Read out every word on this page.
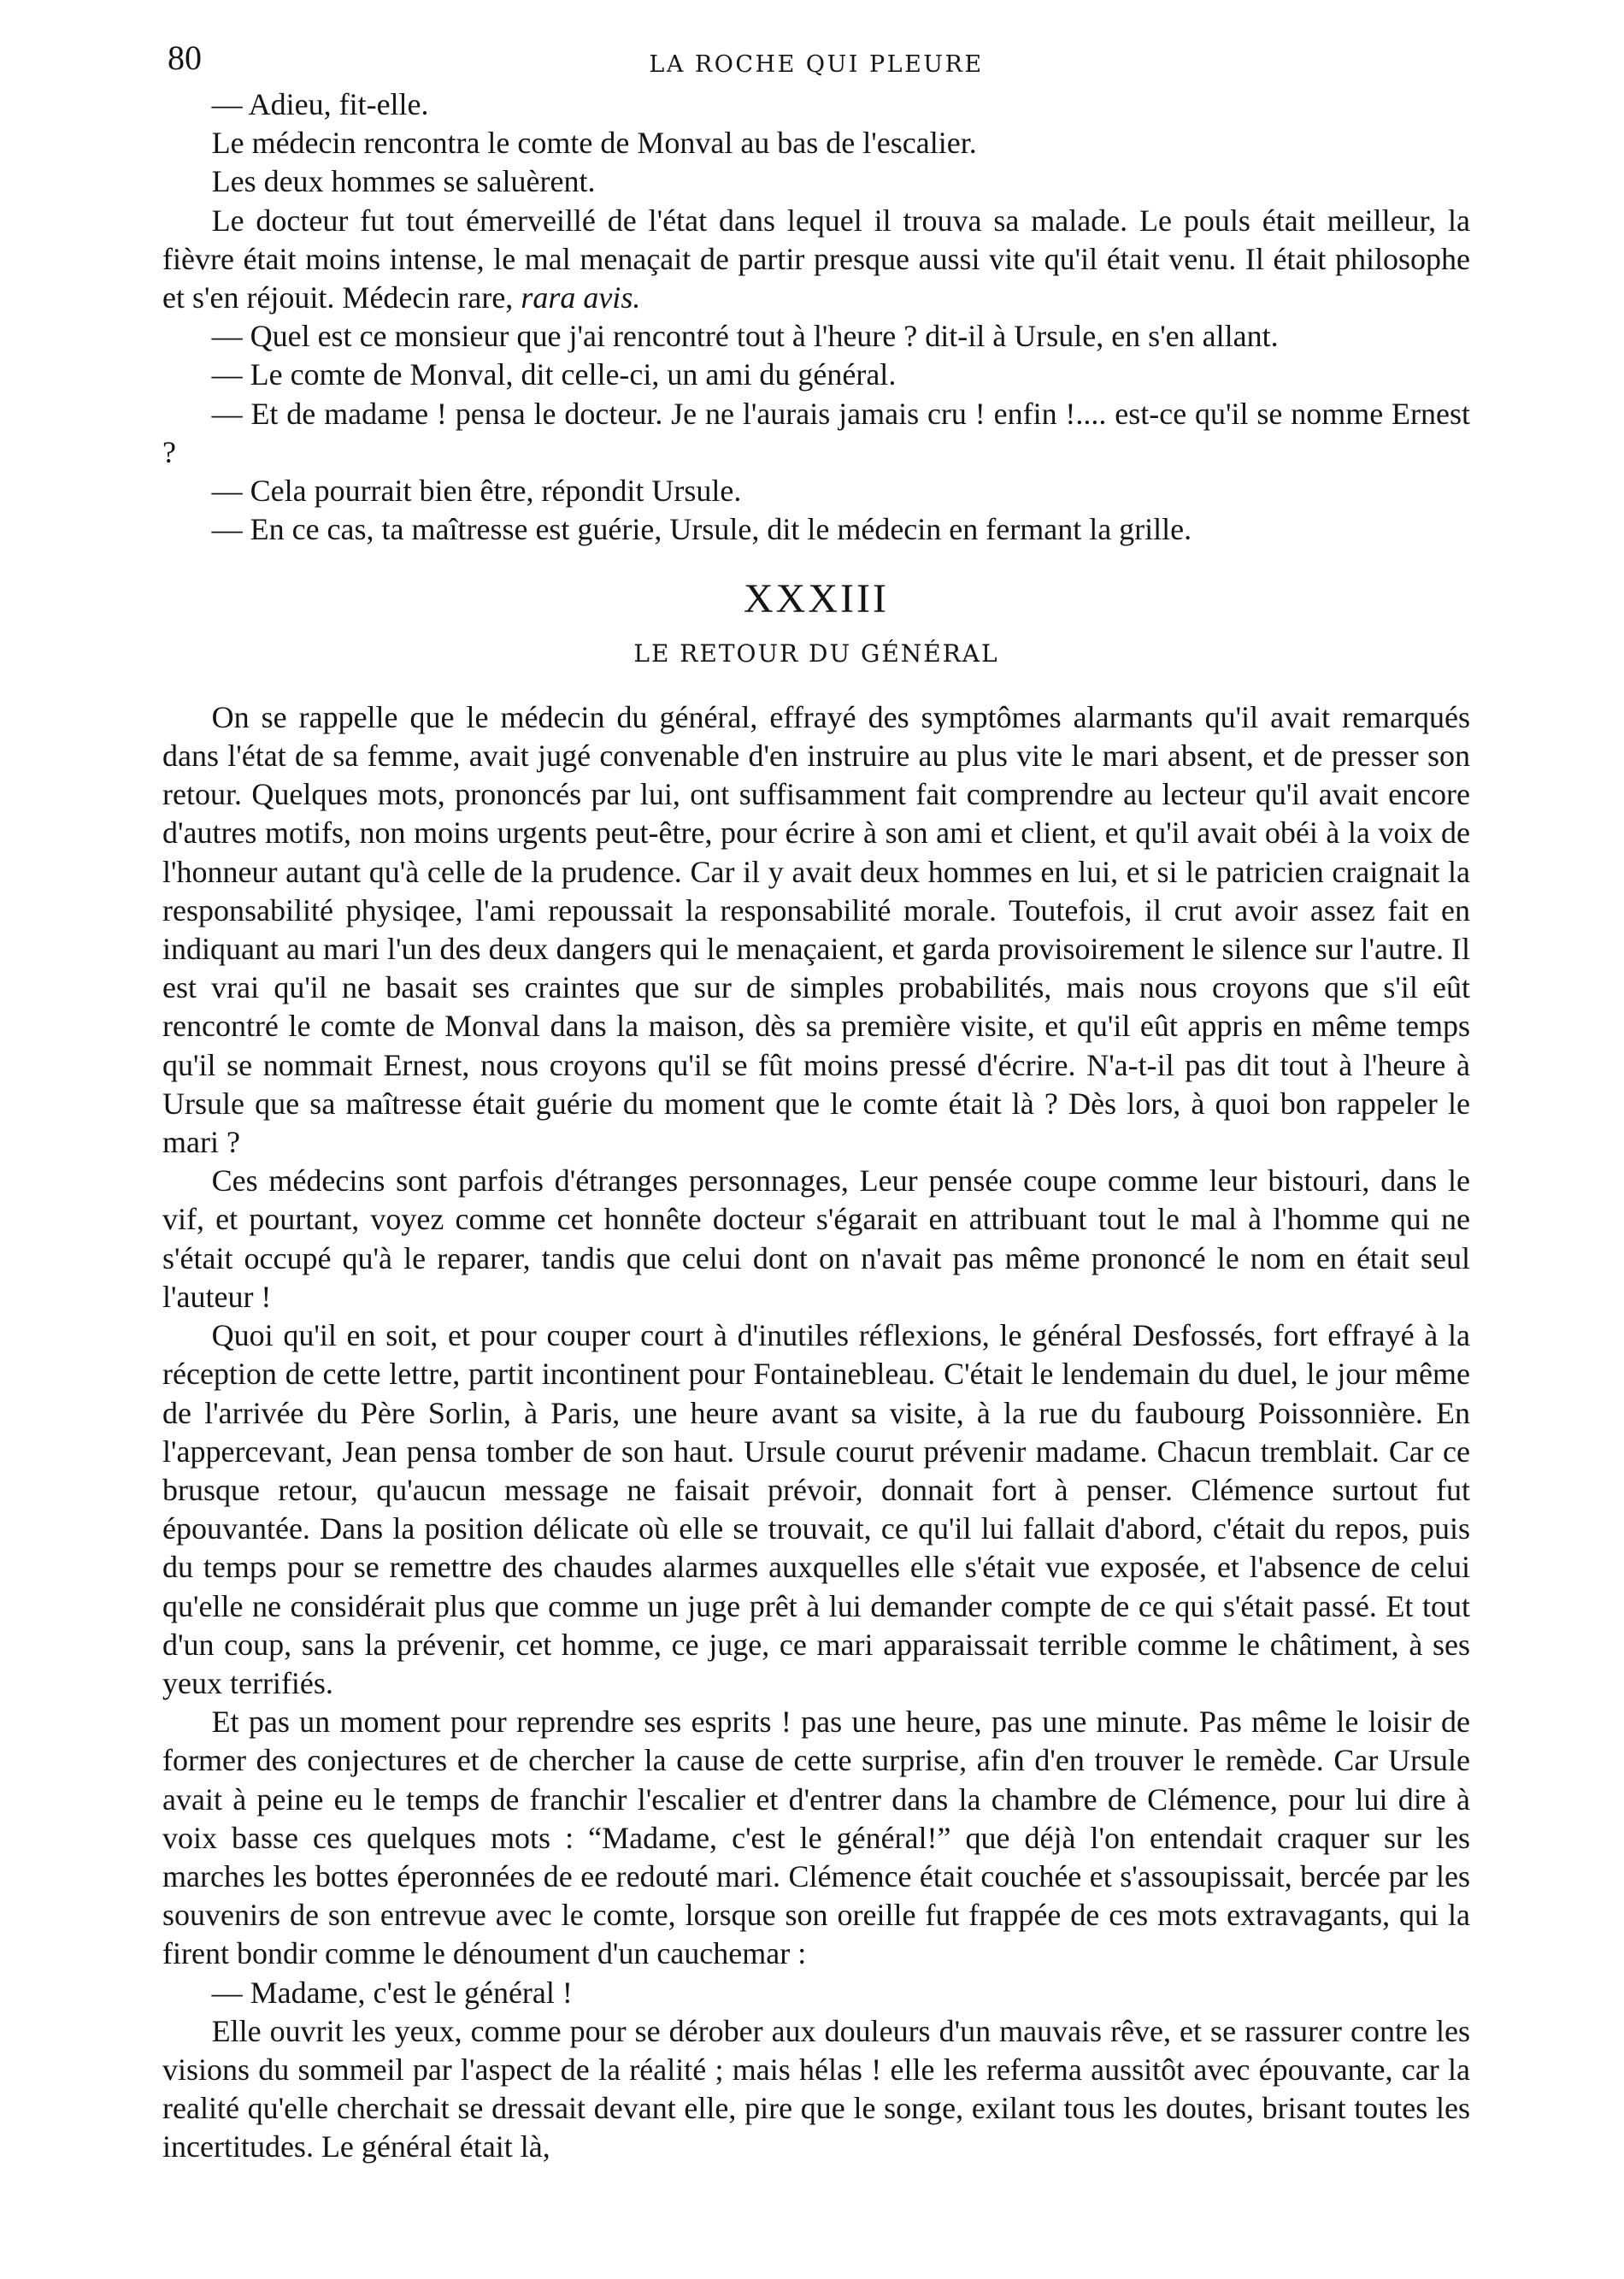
80	LA ROCHE QUI PLEURE

— Adieu, fit-elle.

Le médecin rencontra le comte de Monval au bas de l'escalier.

Les deux hommes se saluèrent.

Le docteur fut tout émerveillé de l'état dans lequel il trouva sa malade. Le pouls était meilleur, la fièvre était moins intense, le mal menaçait de partir presque aussi vite qu'il était venu. Il était philosophe et s'en réjouit. Médecin rare, rara avis.

— Quel est ce monsieur que j'ai rencontré tout à l'heure ? dit-il à Ursule, en s'en allant.

— Le comte de Monval, dit celle-ci, un ami du général.

— Et de madame ! pensa le docteur. Je ne l'aurais jamais cru ! enfin !.... est-ce qu'il se nomme Ernest ?

— Cela pourrait bien être, répondit Ursule.

— En ce cas, ta maîtresse est guérie, Ursule, dit le médecin en fermant la grille.

XXXIII
LE RETOUR DU GÉNÉRAL

On se rappelle que le médecin du général, effrayé des symptômes alarmants qu'il avait remarqués dans l'état de sa femme, avait jugé convenable d'en instruire au plus vite le mari absent, et de presser son retour. Quelques mots, prononcés par lui, ont suffisamment fait comprendre au lecteur qu'il avait encore d'autres motifs, non moins urgents peut-être, pour écrire à son ami et client, et qu'il avait obéi à la voix de l'honneur autant qu'à celle de la prudence. Car il y avait deux hommes en lui, et si le patricien craignait la responsabilité physiqee, l'ami repoussait la responsabilité morale. Toutefois, il crut avoir assez fait en indiquant au mari l'un des deux dangers qui le menaçaient, et garda provisoirement le silence sur l'autre. Il est vrai qu'il ne basait ses craintes que sur de simples probabilités, mais nous croyons que s'il eût rencontré le comte de Monval dans la maison, dès sa première visite, et qu'il eût appris en même temps qu'il se nommait Ernest, nous croyons qu'il se fût moins pressé d'écrire. N'a-t-il pas dit tout à l'heure à Ursule que sa maîtresse était guérie du moment que le comte était là ? Dès lors, à quoi bon rappeler le mari ?

Ces médecins sont parfois d'étranges personnages, Leur pensée coupe comme leur bistouri, dans le vif, et pourtant, voyez comme cet honnête docteur s'égarait en attribuant tout le mal à l'homme qui ne s'était occupé qu'à le reparer, tandis que celui dont on n'avait pas même prononcé le nom en était seul l'auteur !

Quoi qu'il en soit, et pour couper court à d'inutiles réflexions, le général Desfossés, fort effrayé à la réception de cette lettre, partit incontinent pour Fontainebleau. C'était le lendemain du duel, le jour même de l'arrivée du Père Sorlin, à Paris, une heure avant sa visite, à la rue du faubourg Poissonnière. En l'appercevant, Jean pensa tomber de son haut. Ursule courut prévenir madame. Chacun tremblait. Car ce brusque retour, qu'aucun message ne faisait prévoir, donnait fort à penser. Clémence surtout fut épouvantée. Dans la position délicate où elle se trouvait, ce qu'il lui fallait d'abord, c'était du repos, puis du temps pour se remettre des chaudes alarmes auxquelles elle s'était vue exposée, et l'absence de celui qu'elle ne considérait plus que comme un juge prêt à lui demander compte de ce qui s'était passé. Et tout d'un coup, sans la prévenir, cet homme, ce juge, ce mari apparaissait terrible comme le châtiment, à ses yeux terrifiés.

Et pas un moment pour reprendre ses esprits ! pas une heure, pas une minute. Pas même le loisir de former des conjectures et de chercher la cause de cette surprise, afin d'en trouver le remède. Car Ursule avait à peine eu le temps de franchir l'escalier et d'entrer dans la chambre de Clémence, pour lui dire à voix basse ces quelques mots : “Madame, c'est le général!” que déjà l'on entendait craquer sur les marches les bottes éperonnées de ee redouté mari. Clémence était couchée et s'assoupissait, bercée par les souvenirs de son entrevue avec le comte, lorsque son oreille fut frappée de ces mots extravagants, qui la firent bondir comme le dénoument d'un cauchemar :

— Madame, c'est le général !

Elle ouvrit les yeux, comme pour se dérober aux douleurs d'un mauvais rêve, et se rassurer contre les visions du sommeil par l'aspect de la réalité ; mais hélas ! elle les referma aussitôt avec épouvante, car la realité qu'elle cherchait se dressait devant elle, pire que le songe, exilant tous les doutes, brisant toutes les incertitudes. Le général était là,
